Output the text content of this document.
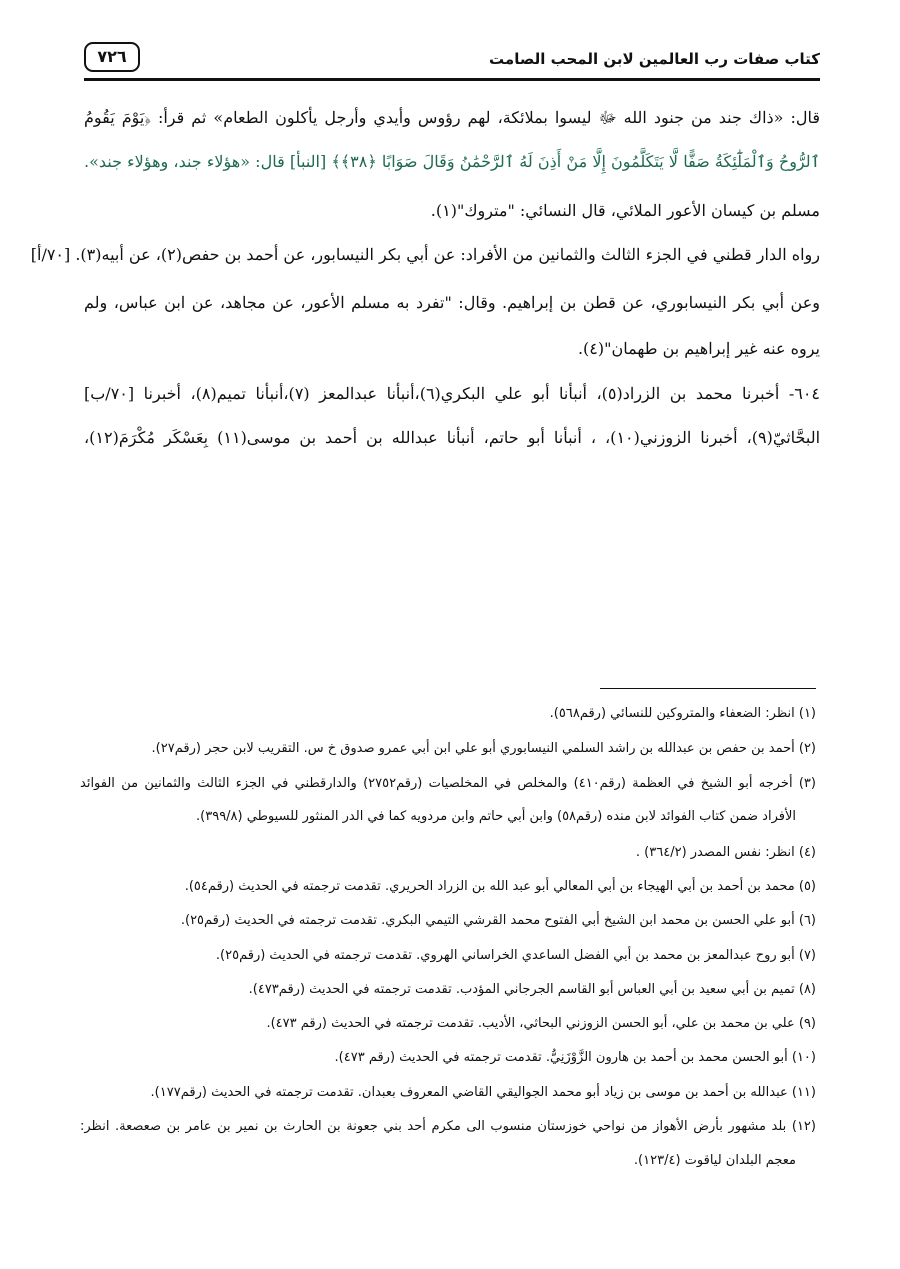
كتاب صفات رب العالمين لابن المحب الصامت
٧٢٦
قال: «ذاك جند من جنود الله ﷻ ليسوا بملائكة، لهم رؤوس وأيدي وأرجل يأكلون الطعام» ثم قرأ: ﴿يَوْمَ يَقُومُ
ٱلرُّوحُ وَٱلْمَلَٰٓئِكَةُ صَفًّا لَّا يَتَكَلَّمُونَ إِلَّا مَنْ أَذِنَ لَهُ ٱلرَّحْمَٰنُ وَقَالَ صَوَابًا ﴿٣٨﴾﴾ [النبأ] قال: «هؤلاء جند، وهؤلاء جند».
مسلم بن كيسان الأعور الملائي، قال النسائي: "متروك"(١).
رواه الدار قطني في الجزء الثالث والثمانين من الأفراد: عن أبي بكر النيسابور، عن أحمد بن حفص(٢)، عن أبيه(٣). [٧٠/أ]
وعن أبي بكر النيسابوري، عن قطن بن إبراهيم. وقال: "تفرد به مسلم الأعور، عن مجاهد، عن ابن عباس، ولم
يروه عنه غير إبراهيم بن طهمان"(٤).
٦٠٤- أخبرنا محمد بن الزراد(٥)، أنبأنا أبو علي البكري(٦)،أنبأنا عبدالمعز (٧)،أنبأنا تميم(٨)، أخبرنا [٧٠/ب]
البحَّاثيّ(٩)، أخبرنا الزوزني(١٠)، ، أنبأنا أبو حاتم، أنبأنا عبدالله بن أحمد بن موسى(١١) بِعَسْكَر مُكْرَمَ(١٢)،
(١) انظر: الضعفاء والمتروكين للنسائي (رقم٥٦٨).
(٢) أحمد بن حفص بن عبدالله بن راشد السلمي النيسابوري أبو علي ابن أبي عمرو صدوق خ س. التقريب لابن حجر (رقم٢٧).
(٣) أخرجه أبو الشيخ في العظمة (رقم٤١٠) والمخلص في المخلصيات (رقم٢٧٥٢) والدارقطني في الجزء الثالث والثمانين من الفوائد
الأفراد ضمن كتاب الفوائد لابن منده (رقم٥٨) وابن أبي حاتم وابن مردويه كما في الدر المنثور للسيوطي (٣٩٩/٨).
(٤) انظر: نفس المصدر (٣٦٤/٢) .
(٥) محمد بن أحمد بن أبي الهيجاء بن أبي المعالي أبو عبد الله بن الزراد الحريري. تقدمت ترجمته في الحديث (رقم٥٤).
(٦) أبو علي الحسن بن محمد ابن الشيخ أبي الفتوح محمد القرشي التيمي البكري. تقدمت ترجمته في الحديث (رقم٢٥).
(٧) أبو روح عبدالمعز بن محمد بن أبي الفضل الساعدي الخراساني الهروي. تقدمت ترجمته في الحديث (رقم٢٥).
(٨) تميم بن أبي سعيد بن أبي العباس أبو القاسم الجرجاني المؤدب. تقدمت ترجمته في الحديث (رقم٤٧٣).
(٩) علي بن محمد بن علي، أبو الحسن الزوزني البحاثي، الأديب. تقدمت ترجمته في الحديث (رقم ٤٧٣).
(١٠) أبو الحسن محمد بن أحمد بن هارون الزَّوْزَنِيُّ. تقدمت ترجمته في الحديث (رقم ٤٧٣).
(١١) عبدالله بن أحمد بن موسى بن زياد أبو محمد الجواليقي القاضي المعروف بعبدان. تقدمت ترجمته في الحديث (رقم١٧٧).
(١٢) بلد مشهور بأرض الأهواز من نواحي خوزستان منسوب الى مكرم أحد بني جعونة بن الحارث بن نمير بن عامر بن صعصعة. انظر:
معجم البلدان لياقوت (١٢٣/٤).
